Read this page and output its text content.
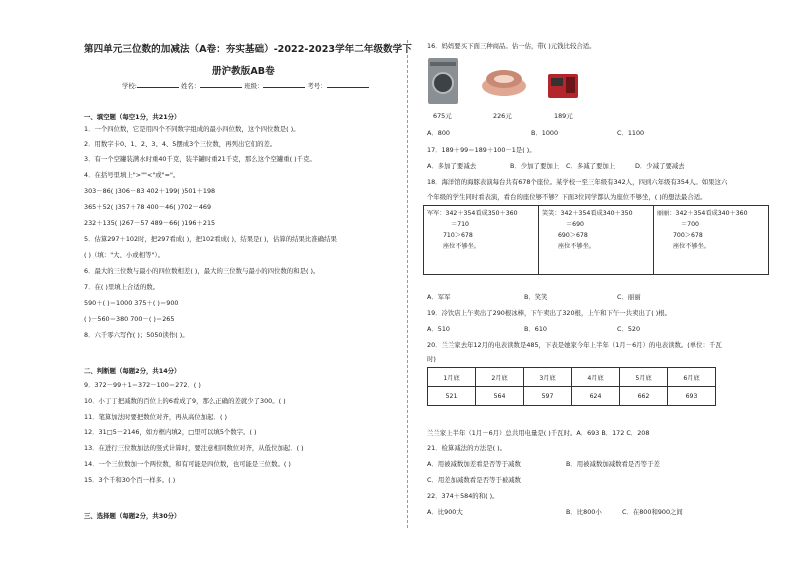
第四单元三位数的加减法（A卷：夯实基础）-2022-2023学年二年级数学下
册沪教版AB卷
学校:	姓名：	班级：	考号：
一、填空题（每空1分，共21分）
1．一个四位数，它是用四个不同数字组成的最小四位数，这个四位数是( )。
2．用数字卡0、1、2、3、4、5摆成3个三位数，再列出它们的差。
3．有一个空罐装满水时重40千克，装半罐时重21千克，那么这个空罐重( )千克。
4．在括号里填上">""<"或"="。
303－86( )306－83 402＋199( )501＋198
365＋52( )357＋78 400－46( )702－469
232＋135( )267－57 489－66( )196＋215
5．估算297＋102时，把297看成( )，把102看成( )，结果是( )，估算的结果比准确结果
( )（填："大、小或相等"）。
6．最大的三位数与最小的四位数相差( )，最大的三位数与最小的四位数的和是( )。
7．在( )里填上合适的数。
590＋( )＝1000 375＋( )＝900
( )－560＝380 700－( )＝265
8．六千零六写作( )；5050读作( )。
二、判断题（每题2分，共14分）
9．372－99＋1＝372－100＝272．( )
10．小丁丁把减数的百位上的6看成了9，那么正确的差就少了300。( )
11．笔算加法时要把数位对齐，再从高位加起．( )
12．31□5－2146，如方框内填2，□里可以填5个数字。( )
13．在进行三位数加法的竖式计算时，要注意相同数位对齐，从低位加起．( )
14．一个三位数加一个两位数，和有可能是四位数，也可能是三位数。( )
15．3个千和30个百一样多。( )
三、选择题（每题2分，共30分）
16．妈妈要买下面三种商品。估一估，带( )元钱比较合适。
675元	226元	189元
A．800	B．1000	C．1100
17．189＋99＝189＋100－1是( )。
A．多加了要减去	B．少加了要加上 C．多减了要加上	D．少减了要减去
18．海洋馆的海豚表演每台共有678个座位。某学校一至三年级有342人，四到六年级有354人。如果这六
个年级的学生同时看表演，看台的座位够不够？下面3位同学都认为座位不够坐，( )的想法最合适。
军军：342＋354看成350＋360
＝710
710＞678
座位不够坐。

笑笑：342＋354看成340＋350
＝690
690＞678
座位不够坐。

丽丽：342＋354看成340＋360
＝700
700＞678
座位不够坐。
A．军军	B．笑笑	C．丽丽
19．冷饮店上午卖出了290根冰棒，下午卖出了320根，上午和下午一共卖出了( )根。
A．510	B．610	C．520
20．兰兰家去年12月的电表读数是485，下表是她家今年上半年（1月－6月）的电表读数。(单位：千瓦
时)
1月底	2月底	3月底	4月底	5月底	6月底
521	564	597	624	662	693
兰兰家上半年（1月－6月）总共用电量是( )千瓦时。A．693 B．172 C．208
21．检算减法的方法是( )。
A．用被减数加差看是否等于减数	B．用被减数加减数看是否等于差
C．用差加减数看是否等于被减数
22．374＋584的和( )。
A．比900大	B．比800小	C．在800和900之间
